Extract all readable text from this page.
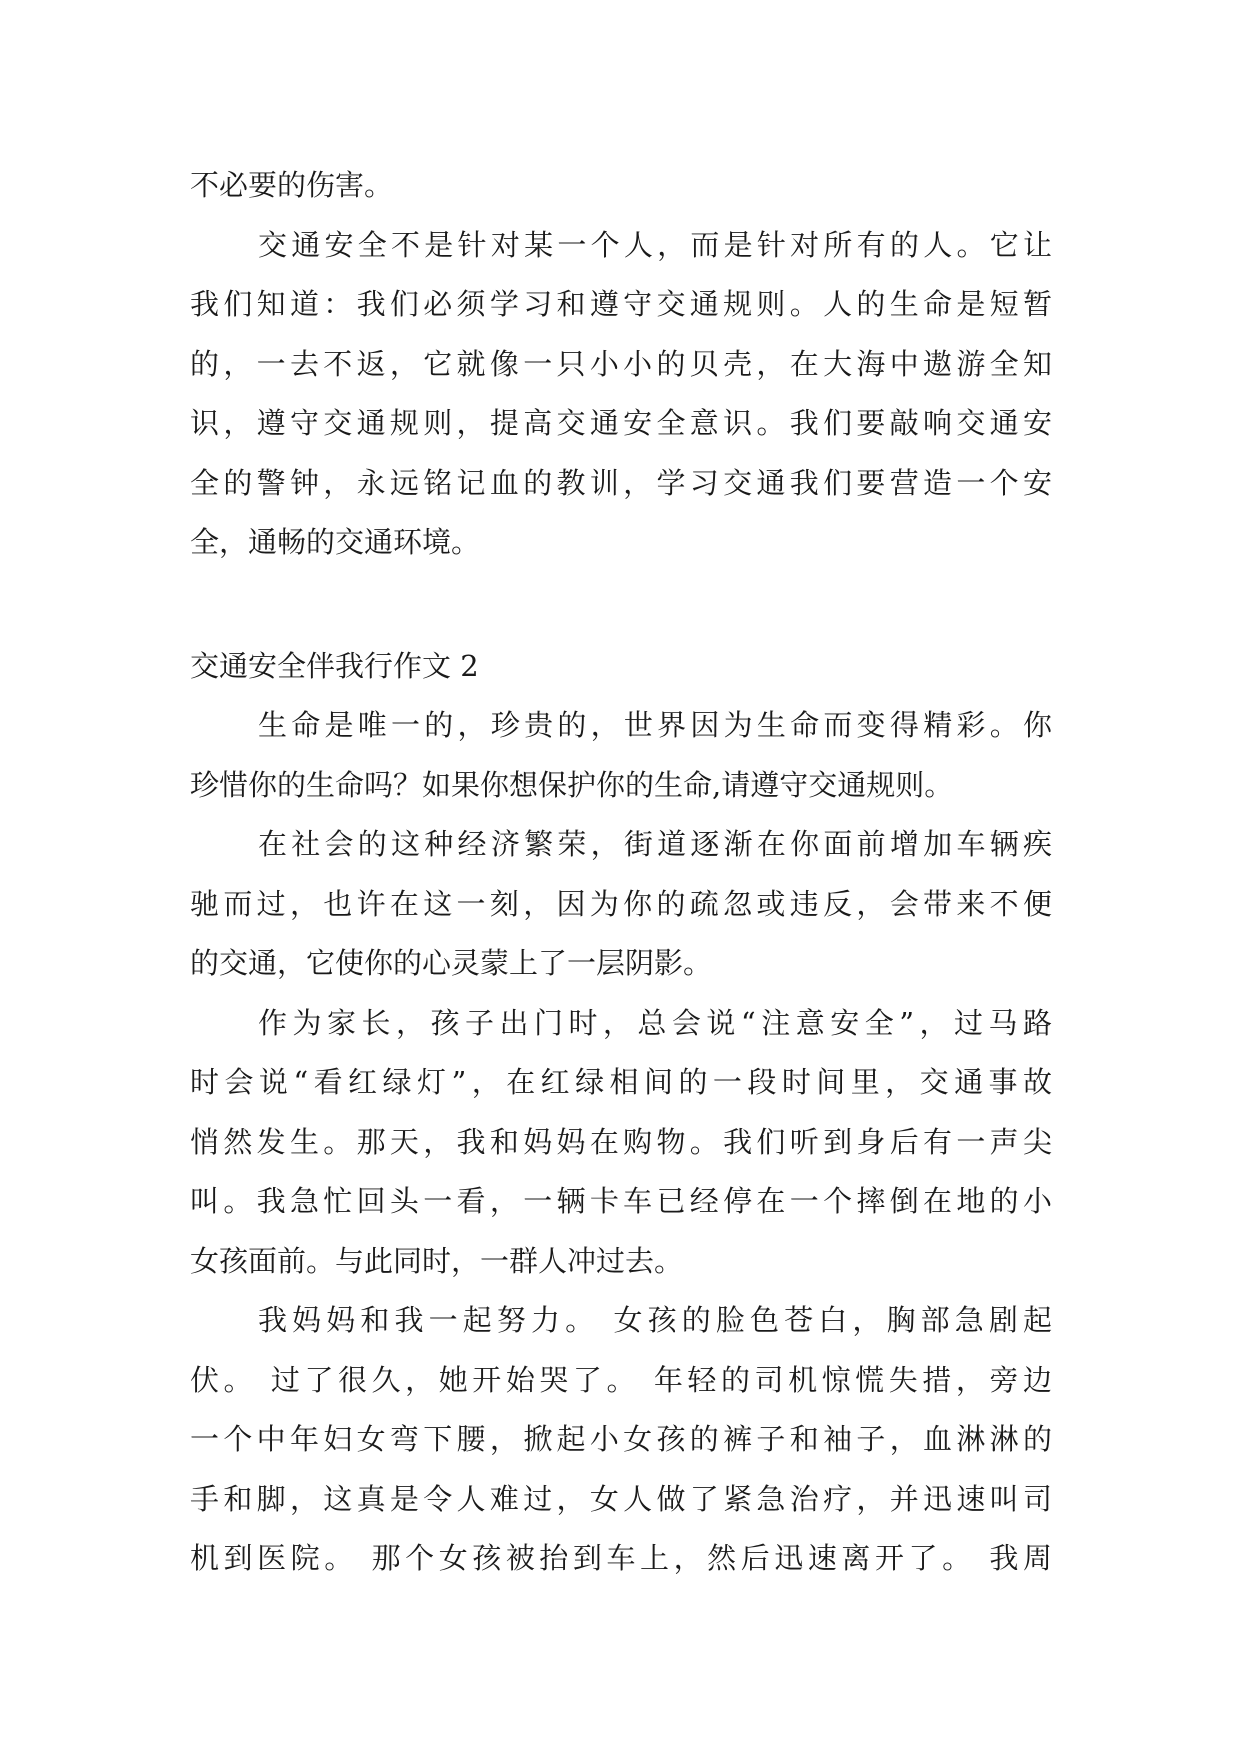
不必要的伤害。

交通安全不是针对某一个人，而是针对所有的人。它让
我们知道：我们必须学习和遵守交通规则。人的生命是短暂
的，一去不返，它就像一只小小的贝壳，在大海中遨游全知
识，遵守交通规则，提高交通安全意识。我们要敲响交通安
全的警钟，永远铭记血的教训，学习交通我们要营造一个安
全，通畅的交通环境。

交通安全伴我行作文 2

生命是唯一的，珍贵的，世界因为生命而变得精彩。你
珍惜你的生命吗？如果你想保护你的生命,请遵守交通规则。

在社会的这种经济繁荣，街道逐渐在你面前增加车辆疾
驰而过，也许在这一刻，因为你的疏忽或违反，会带来不便
的交通，它使你的心灵蒙上了一层阴影。

作为家长，孩子出门时，总会说“注意安全”，过马路
时会说“看红绿灯”，在红绿相间的一段时间里，交通事故
悄然发生。那天，我和妈妈在购物。我们听到身后有一声尖
叫。我急忙回头一看，一辆卡车已经停在一个摔倒在地的小
女孩面前。与此同时，一群人冲过去。

我妈妈和我一起努力。 女孩的脸色苍白，胸部急剧起
伏。 过了很久，她开始哭了。 年轻的司机惊慌失措，旁边
一个中年妇女弯下腰，掀起小女孩的裤子和袖子，血淋淋的
手和脚，这真是令人难过，女人做了紧急治疗，并迅速叫司
机到医院。 那个女孩被抬到车上，然后迅速离开了。 我周
